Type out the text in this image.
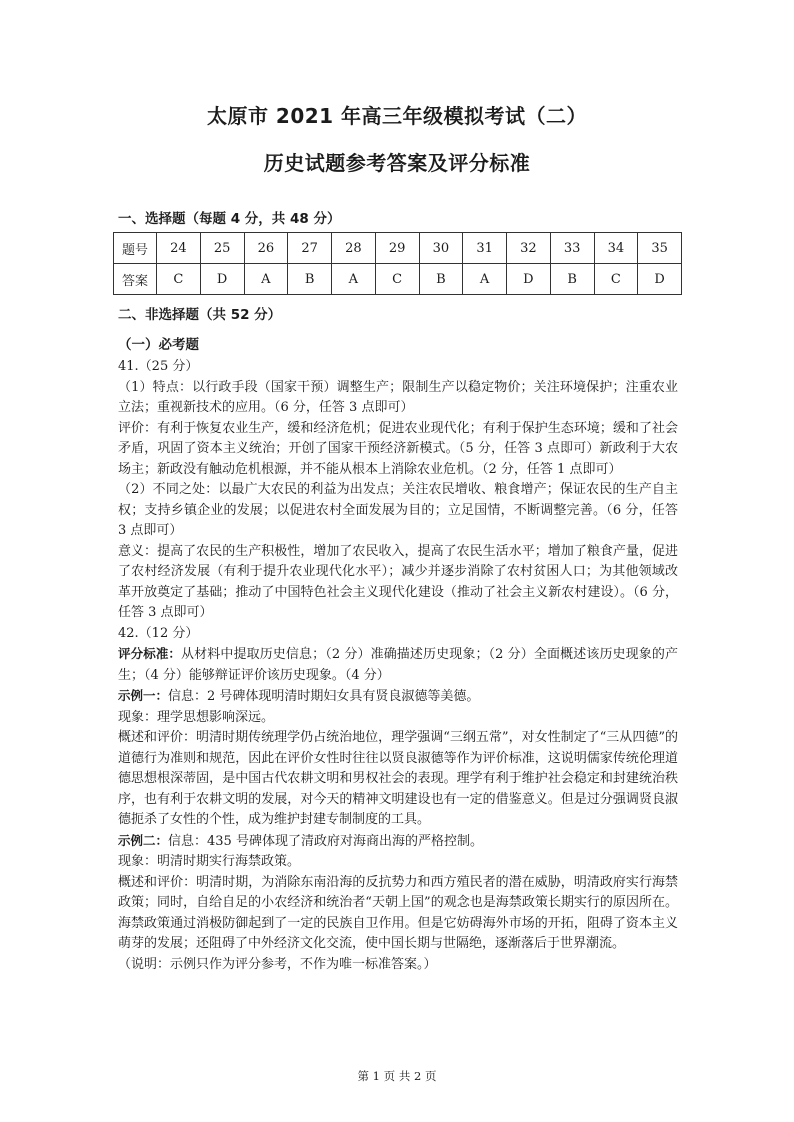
太原市 2021 年高三年级模拟考试（二）
历史试题参考答案及评分标准
一、选择题（每题 4 分，共 48 分）
题号	24	25	26	27	28	29	30	31	32	33	34	35
答案	C	D	A	B	A	C	B	A	D	B	C	D
二、非选择题（共 52 分）
（一）必考题

41.（25 分）

（1）特点：以行政手段（国家干预）调整生产；限制生产以稳定物价；关注环境保护；注重农业立法；重视新技术的应用。（6 分，任答 3 点即可）

评价：有利于恢复农业生产，缓和经济危机；促进农业现代化；有利于保护生态环境；缓和了社会矛盾，巩固了资本主义统治；开创了国家干预经济新模式。（5 分，任答 3 点即可）新政利于大农场主；新政没有触动危机根源，并不能从根本上消除农业危机。（2 分，任答 1 点即可）

（2）不同之处：以最广大农民的利益为出发点；关注农民增收、粮食增产；保证农民的生产自主权；支持乡镇企业的发展；以促进农村全面发展为目的；立足国情，不断调整完善。（6 分，任答 3 点即可）

意义：提高了农民的生产积极性，增加了农民收入，提高了农民生活水平；增加了粮食产量，促进了农村经济发展（有利于提升农业现代化水平）；减少并逐步消除了农村贫困人口；为其他领域改革开放奠定了基础；推动了中国特色社会主义现代化建设（推动了社会主义新农村建设）。（6 分，任答 3 点即可）

42.（12 分）

评分标准：从材料中提取历史信息；（2 分）准确描述历史现象；（2 分）全面概述该历史现象的产生；（4 分）能够辩证评价该历史现象。（4 分）

示例一：信息：2 号碑体现明清时期妇女具有贤良淑德等美德。

现象：理学思想影响深远。

概述和评价：明清时期传统理学仍占统治地位，理学强调“三纲五常”，对女性制定了“三从四德”的道德行为准则和规范，因此在评价女性时往往以贤良淑德等作为评价标准，这说明儒家传统伦理道德思想根深蒂固，是中国古代农耕文明和男权社会的表现。理学有利于维护社会稳定和封建统治秩序，也有利于农耕文明的发展，对今天的精神文明建设也有一定的借鉴意义。但是过分强调贤良淑德扼杀了女性的个性，成为维护封建专制制度的工具。

示例二：信息：435 号碑体现了清政府对海商出海的严格控制。

现象：明清时期实行海禁政策。

概述和评价：明清时期，为消除东南沿海的反抗势力和西方殖民者的潜在威胁，明清政府实行海禁政策；同时，自给自足的小农经济和统治者“天朝上国”的观念也是海禁政策长期实行的原因所在。海禁政策通过消极防御起到了一定的民族自卫作用。但是它妨碍海外市场的开拓，阻碍了资本主义萌芽的发展；还阻碍了中外经济文化交流，使中国长期与世隔绝，逐渐落后于世界潮流。

（说明：示例只作为评分参考，不作为唯一标准答案。）

第 1 页 共 2 页
